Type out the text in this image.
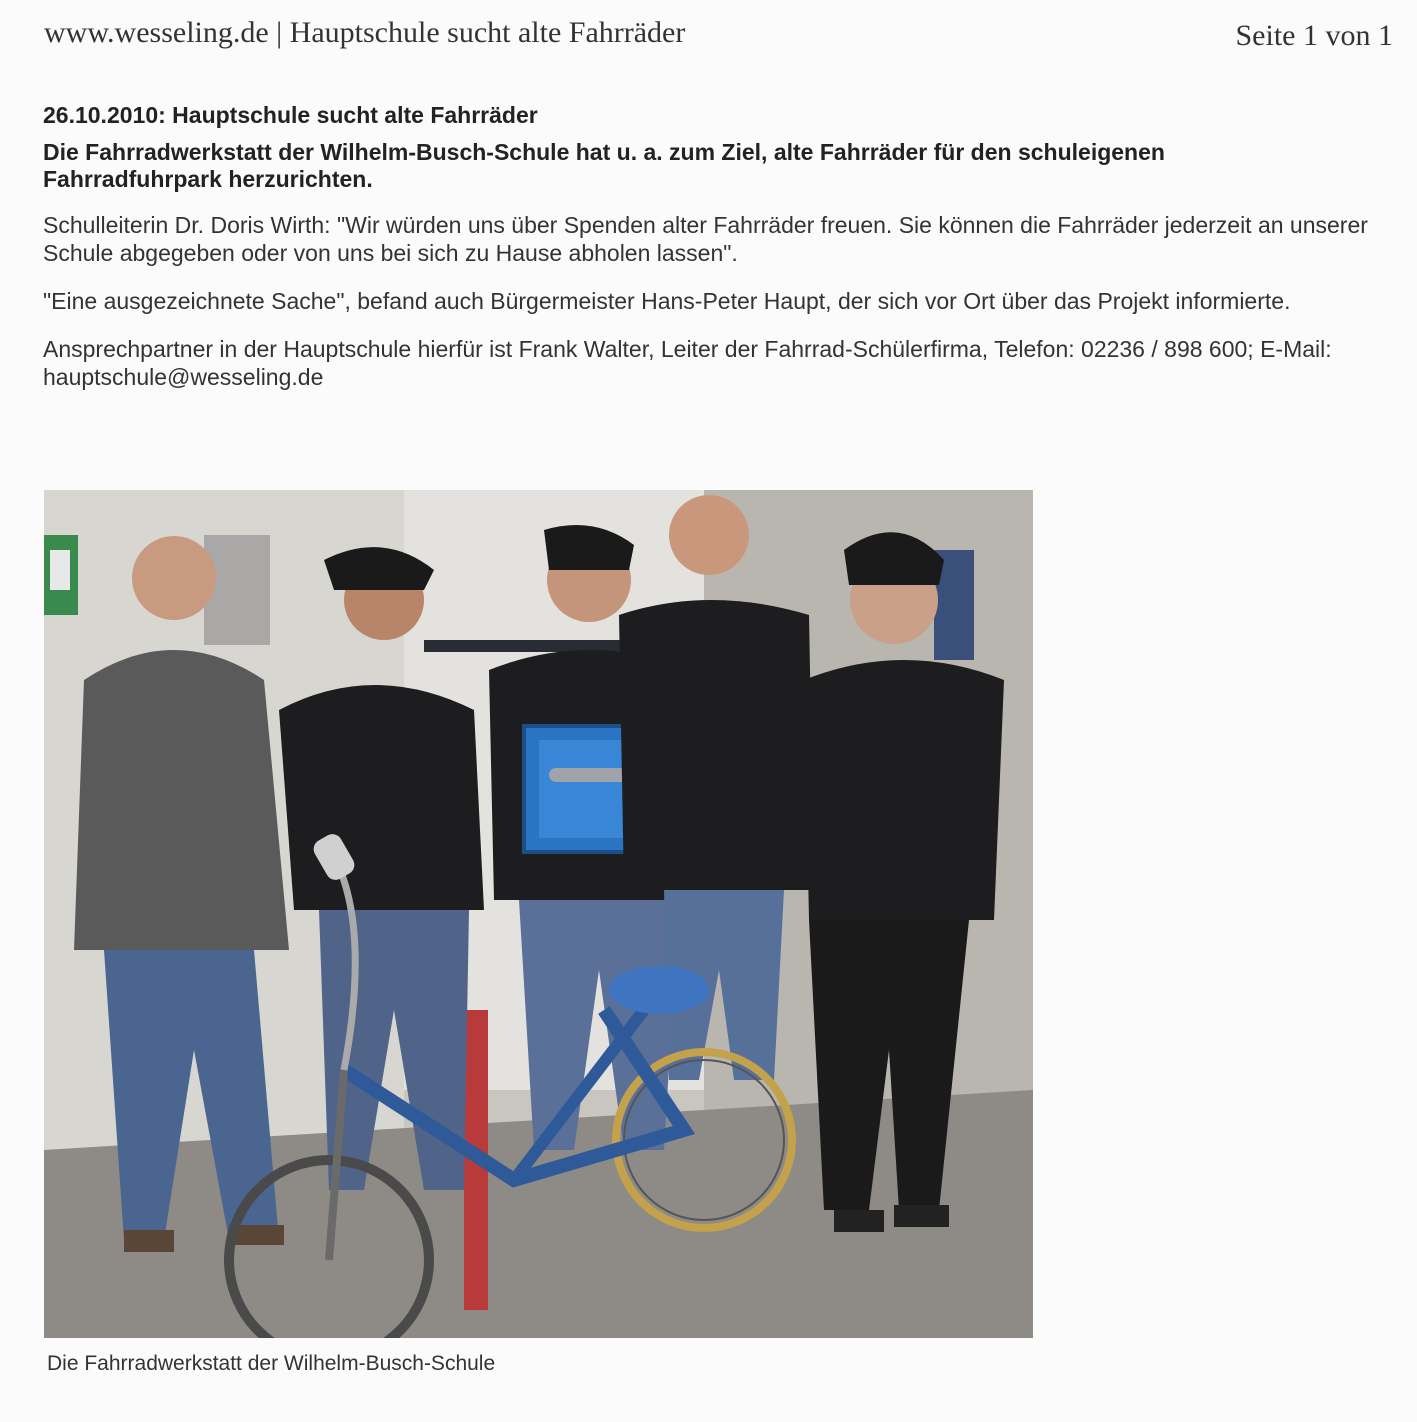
www.wesseling.de | Hauptschule sucht alte Fahrräder	Seite 1 von 1
26.10.2010: Hauptschule sucht alte Fahrräder

Die Fahrradwerkstatt der Wilhelm-Busch-Schule hat u. a. zum Ziel, alte Fahrräder für den schuleigenen Fahrradfuhrpark herzurichten.

Schulleiterin Dr. Doris Wirth: "Wir würden uns über Spenden alter Fahrräder freuen. Sie können die Fahrräder jederzeit an unserer Schule abgegeben oder von uns bei sich zu Hause abholen lassen".

"Eine ausgezeichnete Sache", befand auch Bürgermeister Hans-Peter Haupt, der sich vor Ort über das Projekt informierte.

Ansprechpartner in der Hauptschule hierfür ist Frank Walter, Leiter der Fahrrad-Schülerfirma, Telefon: 02236 / 898 600; E-Mail: hauptschule@wesseling.de

Die Fahrradwerkstatt der Wilhelm-Busch-Schule
